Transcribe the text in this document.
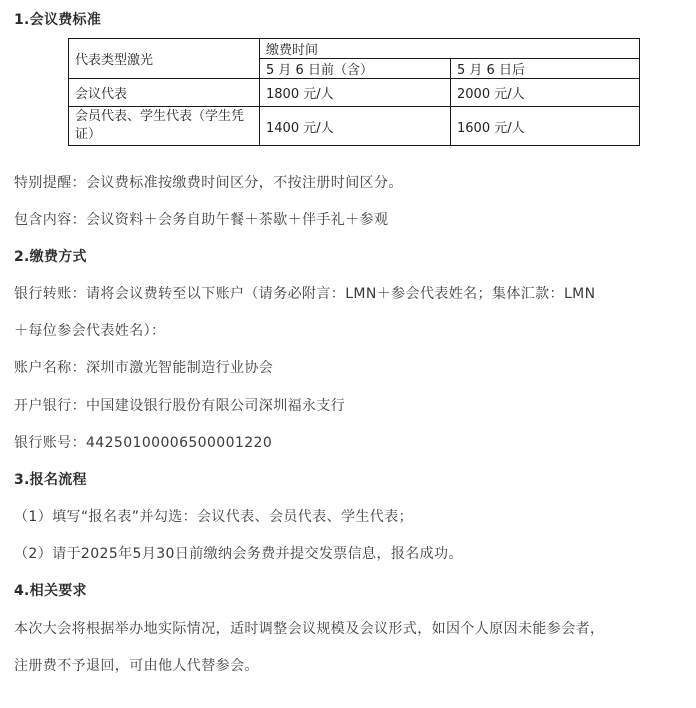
1.会议费标准
代表类型激光	缴费时间	
	5 月 6 日前（含）	5 月 6 日后
会议代表	1800 元/人	2000 元/人
会员代表、学生代表（学生凭证）	1400 元/人	1600 元/人
特别提醒：会议费标准按缴费时间区分，不按注册时间区分。
包含内容：会议资料＋会务自助午餐＋茶歇＋伴手礼＋参观
2.缴费方式
银行转账：请将会议费转至以下账户（请务必附言：LMN＋参会代表姓名；集体汇款：LMN
＋每位参会代表姓名）：
账户名称：深圳市激光智能制造行业协会
开户银行：中国建设银行股份有限公司深圳福永支行
银行账号：44250100006500001220
3.报名流程
（1）填写“报名表”并勾选：会议代表、会员代表、学生代表；
（2）请于2025年5月30日前缴纳会务费并提交发票信息，报名成功。
4.相关要求
本次大会将根据举办地实际情况，适时调整会议规模及会议形式，如因个人原因未能参会者，
注册费不予退回，可由他人代替参会。
